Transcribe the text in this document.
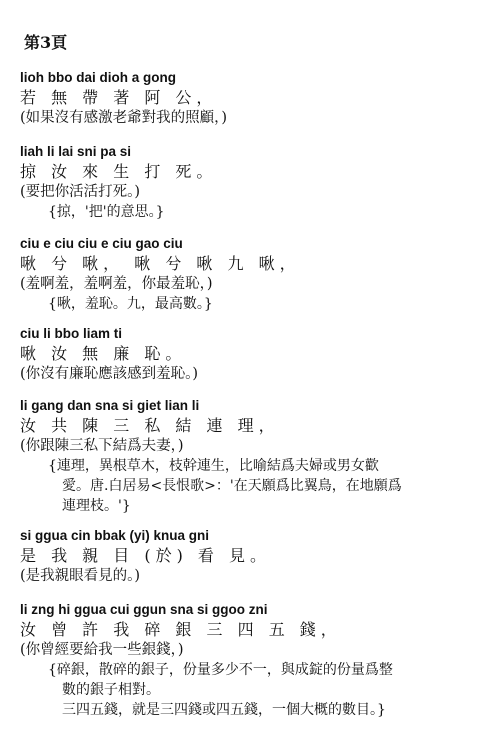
第3頁
lioh bbo dai dioh a gong
若 無 帶 著 阿 公，
(如果沒有感激老爺對我的照顧，)
liah li lai sni pa si
掠 汝 來 生 打 死。
(要把你活活打死。)
{掠，'把'的意思。}
ciu e ciu ciu e ciu gao ciu
啾 兮 啾， 啾 兮 啾 九 啾，
(羞啊羞，羞啊羞，你最羞恥，)
{啾，羞恥。九，最高數。}
ciu li bbo liam ti
啾 汝 無 廉 恥。
(你沒有廉恥應該感到羞恥。)
li gang dan sna si giet lian li
汝 共 陳 三 私 結 連 理，
(你跟陳三私下結爲夫妻，)
{連理，異根草木，枝幹連生，比喻結爲夫婦或男女歡
愛。唐.白居易<長恨歌>：'在天願爲比翼鳥，在地願爲
連理枝。'}
si ggua cin bbak (yi) knua gni
是 我 親 目 (於) 看 見。
(是我親眼看見的。)
li zng hi ggua cui ggun sna si ggoo zni
汝 曾 許 我 碎 銀 三 四 五 錢，
(你曾經要給我一些銀錢，)
{碎銀，散碎的銀子，份量多少不一，與成錠的份量爲整
數的銀子相對。
三四五錢，就是三四錢或四五錢，一個大概的數目。}
